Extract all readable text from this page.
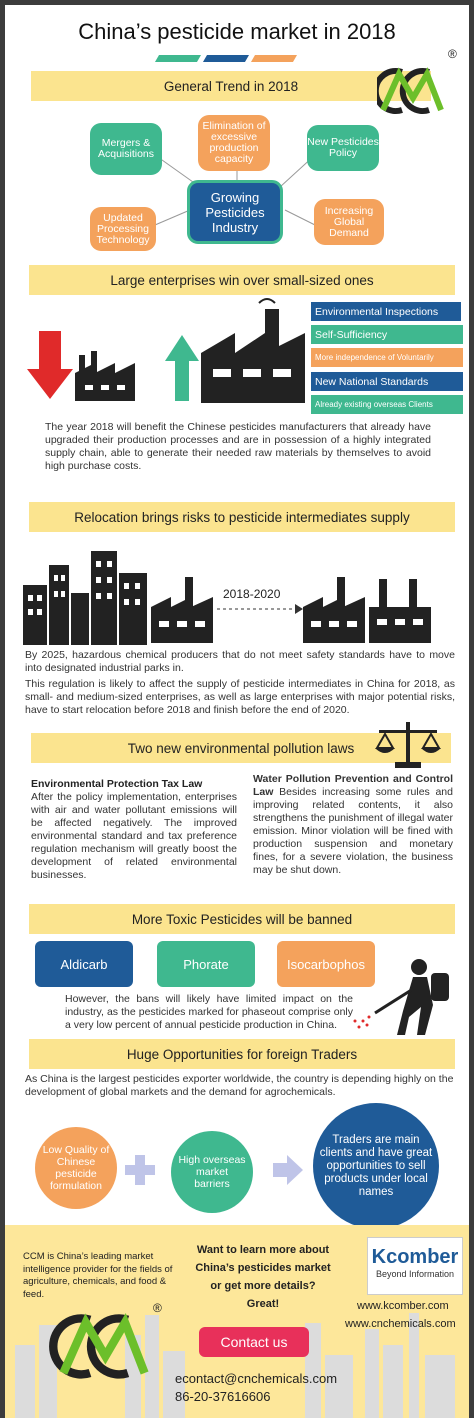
China’s pesticide market in 2018
®
General Trend in 2018
Mergers & Acquisitions
Elimination of excessive production capacity
New Pesticides Policy
Growing Pesticides Industry
Updated Processing Technology
Increasing Global Demand
Large enterprises win over small-sized ones
Environmental Inspections
Self-Sufficiency
More independence of Voluntarily
New National Standards
Already existing overseas Clients
The year 2018 will benefit the Chinese pesticides manufacturers that already have upgraded their production processes and are in possession of a highly integrated supply chain, able to generate their needed raw materials by themselves to avoid high purchase costs.
Relocation brings risks to pesticide intermediates supply
2018-2020
By 2025, hazardous chemical producers that do not meet safety standards have to move into designated industrial parks in.
This regulation is likely to affect the supply of pesticide intermediates in China for 2018, as small- and medium-sized enterprises, as well as large enterprises with major potential risks, have to start relocation before 2018 and finish before the end of 2020.
Two new environmental pollution laws
Environmental Protection Tax Law
After the policy implementation, enterprises with air and water pollutant emissions will be affected negatively. The improved environmental standard and tax preference regulation mechanism will greatly boost the development of related environmental businesses.
Water Pollution Prevention and Control Law Besides increasing some rules and improving related contents, it also strengthens the punishment of illegal water emission. Minor violation will be fined with production suspension and monetary fines, for a severe violation, the business may be shut down.
More Toxic Pesticides will be banned
Aldicarb	Phorate	Isocarbophos
However, the bans will likely have limited impact on the industry, as the pesticides marked for phaseout comprise only a very low percent of annual pesticide production in China.
Huge Opportunities for foreign Traders
As China is the largest pesticides exporter worldwide, the country is depending highly on the development of global markets and the demand for agrochemicals.
Low Quality of Chinese pesticide formulation
High overseas market barriers
Traders are main clients and have great opportunities to sell products under local names
CCM is China’s leading market intelligence provider for the fields of agriculture, chemicals, and food & feed.
®
Want to learn more about China’s pesticides market or get more details? Great!
Kcomber
Beyond Information
www.kcomber.com
www.cnchemicals.com
Contact us
econtact@cnchemicals.com
86-20-37616606
